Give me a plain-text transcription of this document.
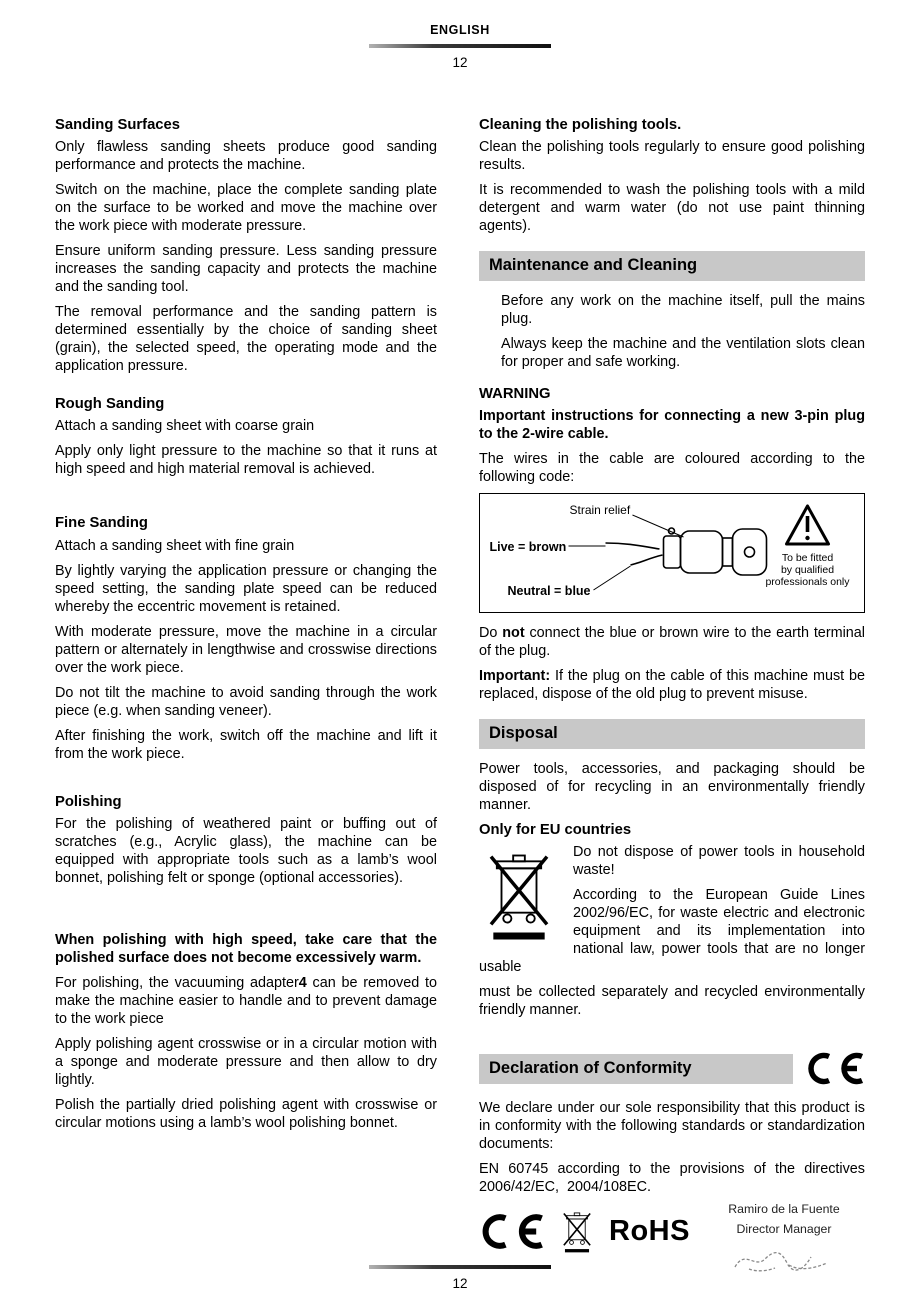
ENGLISH
12
Sanding Surfaces

Only flawless sanding sheets produce good sanding performance and protects the machine.

Switch on the machine, place the complete sanding plate on the surface to be worked and move the machine over the work piece with moderate pressure.

Ensure uniform sanding pressure. Less sanding pressure increases the sanding capacity and protects the machine and the sanding tool.

The removal performance and the sanding pattern is determined essentially by the choice of sanding sheet (grain), the selected speed, the operating mode and the application pressure.

Rough Sanding

Attach a sanding sheet with coarse grain

Apply only light pressure to the machine so that it runs at high speed and high material removal is achieved.

Fine Sanding

Attach a sanding sheet with fine grain

By lightly varying the application pressure or changing the speed setting, the sanding plate speed can be reduced whereby the eccentric movement is retained.

With moderate pressure, move the machine in a circular pattern or alternately in lengthwise and crosswise directions over the work piece.

Do not tilt the machine to avoid sanding through the work piece (e.g. when sanding veneer).

After finishing the work, switch off the machine and lift it from the work piece.

Polishing

For the polishing of weathered paint or buffing out of scratches (e.g., Acrylic glass), the machine can be equipped with appropriate tools such as a lamb’s wool bonnet, polishing felt or sponge (optional accessories).

When polishing with high speed, take care that the polished surface does not become excessively warm.

For polishing, the vacuuming adapter4 can be removed to make the machine easier to handle and to prevent damage to the work piece

Apply polishing agent crosswise or in a circular motion with a sponge and moderate pressure and then allow to dry lightly.

Polish the partially dried polishing agent with crosswise or circular motions using a lamb’s wool polishing bonnet.

Cleaning the polishing tools.

Clean the polishing tools regularly to ensure good polishing results.

It is recommended to wash the polishing tools with a mild detergent and warm water (do not use paint thinning agents).

Maintenance and Cleaning

Before any work on the machine itself, pull the mains plug.

Always keep the machine and the ventilation slots clean for proper and safe working.

WARNING

Important instructions for connecting a new 3-pin plug to the 2-wire cable.

The wires in the cable are coloured according to the following code:

Strain relief
Live = brown
Neutral = blue
To be fitted
by qualified
professionals only

Do not connect the blue or brown wire to the earth terminal of the plug.

Important: If the plug on the cable of this machine must be replaced, dispose of the old plug to prevent misuse.

Disposal

Power tools, accessories, and packaging should be disposed of for recycling in an environmentally friendly manner.

Only for EU countries

Do not dispose of power tools in household waste!

According to the European Guide Lines 2002/96/EC, for waste electric and electronic equipment and its implementation into national law, power tools that are no longer usable

must be collected separately and recycled environmentally friendly manner.

Declaration of Conformity

We declare under our sole responsibility that this product is in conformity with the following standards or standardization documents:

EN 60745 according to the provisions of the directives 2006/42/EC,  2004/108EC.

RoHS
Ramiro de la Fuente
Director Manager
12
